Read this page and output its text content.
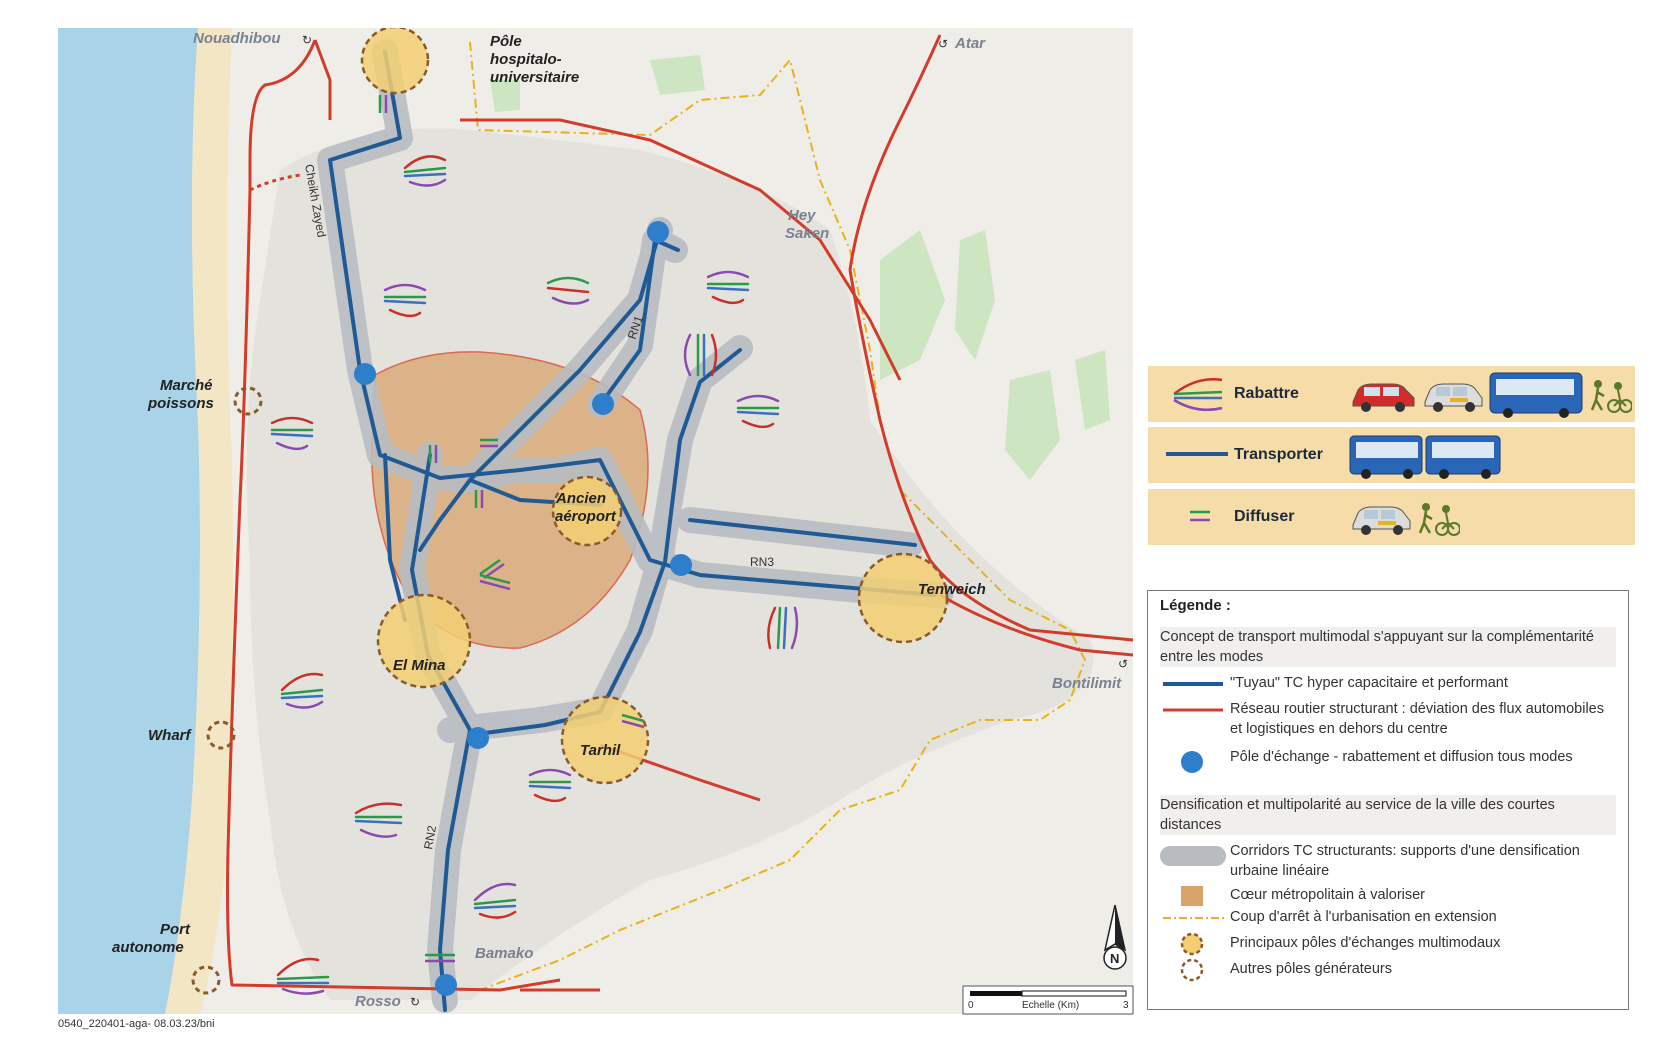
Nouadhibou ↻	Atar
↺
Pôle
hospitalo-
universitaire
Hey
Saken
Marché
poissons
Ancien
aéroport
Tenweich
El Mina
Tarhil
Bontilimit
↺
Wharf
Port
autonome	Bamako
Rosso ↻
Cheikh Zayed
RN1
RN2
RN3
N
0	Echelle (Km)	3
Rabattre
Transporter
Diffuser
Légende :
Concept de transport multimodal s'appuyant sur la complémentarité entre les modes
"Tuyau" TC hyper capacitaire et performant
Réseau routier structurant : déviation des flux automobiles et logistiques en dehors du centre
Pôle d'échange - rabattement et diffusion tous modes
Densification et multipolarité au service de la ville des courtes distances
Corridors TC structurants: supports d'une densification urbaine linéaire
Cœur métropolitain à valoriser
Coup d'arrêt à l'urbanisation en extension
Principaux pôles d'échanges multimodaux
Autres pôles générateurs
0540_220401-aga- 08.03.23/bni
